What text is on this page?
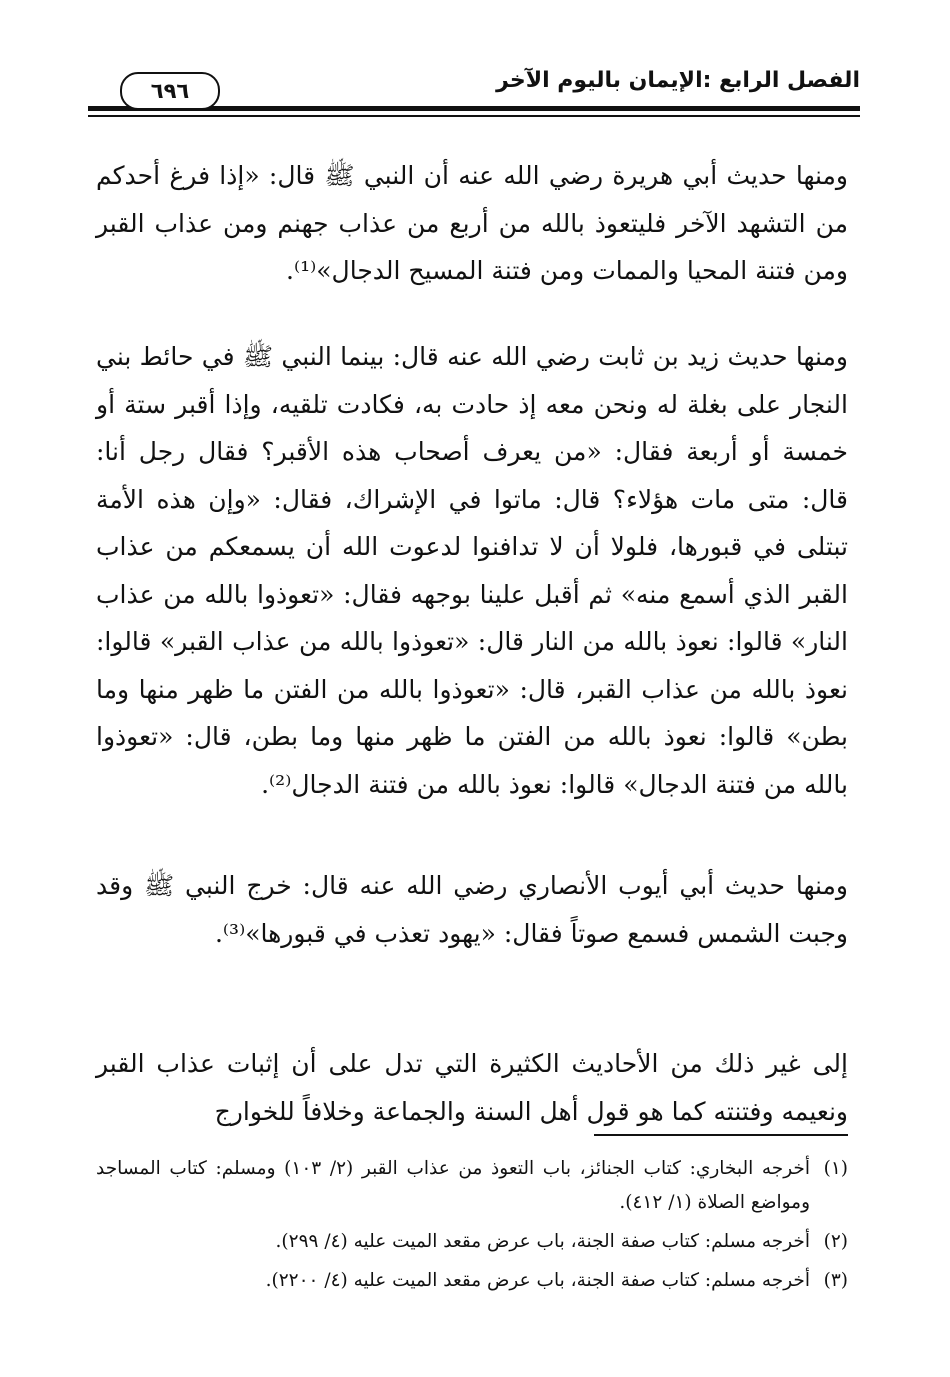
الفصل الرابع :الإيمان باليوم الآخر
٦٩٦

ومنها حديث أبي هريرة رضي الله عنه أن النبي ﷺ قال: «إذا فرغ أحدكم من التشهد الآخر فليتعوذ بالله من أربع من عذاب جهنم ومن عذاب القبر ومن فتنة المحيا والممات ومن فتنة المسيح الدجال»⁽¹⁾.

ومنها حديث زيد بن ثابت رضي الله عنه قال: بينما النبي ﷺ في حائط بني النجار على بغلة له ونحن معه إذ حادت به، فكادت تلقيه، وإذا أقبر ستة أو خمسة أو أربعة فقال: «من يعرف أصحاب هذه الأقبر؟ فقال رجل أنا: قال: متى مات هؤلاء؟ قال: ماتوا في الإشراك، فقال: «وإن هذه الأمة تبتلى في قبورها، فلولا أن لا تدافنوا لدعوت الله أن يسمعكم من عذاب القبر الذي أسمع منه» ثم أقبل علينا بوجهه فقال: «تعوذوا بالله من عذاب النار» قالوا: نعوذ بالله من النار قال: «تعوذوا بالله من عذاب القبر» قالوا: نعوذ بالله من عذاب القبر، قال: «تعوذوا بالله من الفتن ما ظهر منها وما بطن» قالوا: نعوذ بالله من الفتن ما ظهر منها وما بطن، قال: «تعوذوا بالله من فتنة الدجال» قالوا: نعوذ بالله من فتنة الدجال⁽²⁾.

ومنها حديث أبي أيوب الأنصاري رضي الله عنه قال: خرج النبي ﷺ وقد وجبت الشمس فسمع صوتاً فقال: «يهود تعذب في قبورها»⁽³⁾.

إلى غير ذلك من الأحاديث الكثيرة التي تدل على أن إثبات عذاب القبر ونعيمه وفتنته كما هو قول أهل السنة والجماعة وخلافاً للخوارج

(١)
أخرجه البخاري: كتاب الجنائز، باب التعوذ من عذاب القبر (٢/ ١٠٣) ومسلم: كتاب المساجد ومواضع الصلاة (١/ ٤١٢).
(٢)
أخرجه مسلم: كتاب صفة الجنة، باب عرض مقعد الميت عليه (٤/ ٢٩٩).
(٣)
أخرجه مسلم: كتاب صفة الجنة، باب عرض مقعد الميت عليه (٤/ ٢٢٠٠).
